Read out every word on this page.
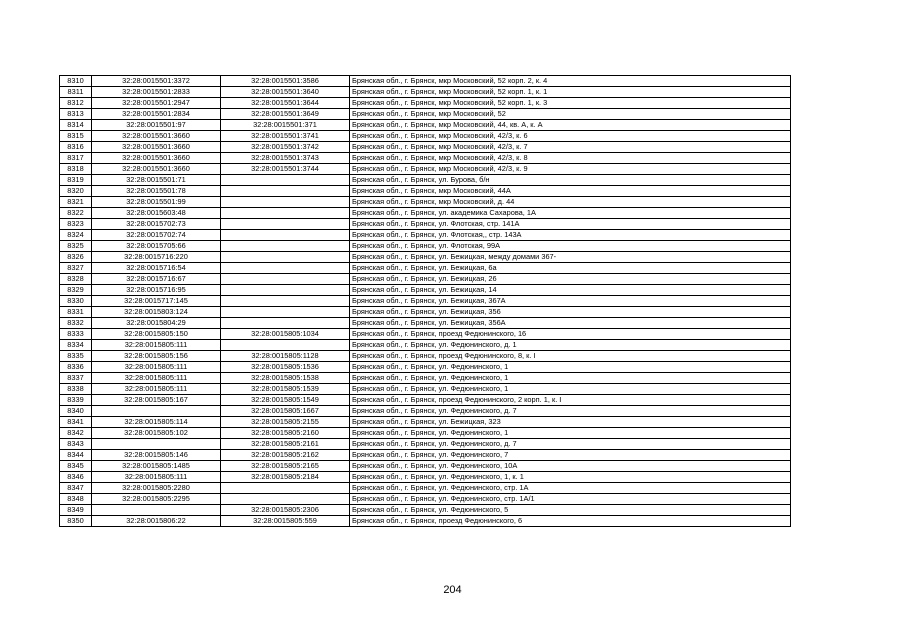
8310	32:28:0015501:3372	32:28:0015501:3586	Брянская обл., г. Брянск, мкр Московский, 52 корп. 2, к. 4
8311	32:28:0015501:2833	32:28:0015501:3640	Брянская обл., г. Брянск, мкр Московский, 52 корп. 1, к. 1
8312	32:28:0015501:2947	32:28:0015501:3644	Брянская обл., г. Брянск, мкр Московский, 52 корп. 1, к. 3
8313	32:28:0015501:2834	32:28:0015501:3649	Брянская обл., г. Брянск, мкр Московский, 52
8314	32:28:0015501:97	32:28:0015501:371	Брянская обл., г. Брянск, мкр Московский, 44, кв. А, к. А
8315	32:28:0015501:3660	32:28:0015501:3741	Брянская обл., г. Брянск, мкр Московский, 42/3, к. 6
8316	32:28:0015501:3660	32:28:0015501:3742	Брянская обл., г. Брянск, мкр Московский, 42/3, к. 7
8317	32:28:0015501:3660	32:28:0015501:3743	Брянская обл., г. Брянск, мкр Московский, 42/3, к. 8
8318	32:28:0015501:3660	32:28:0015501:3744	Брянская обл., г. Брянск, мкр Московский, 42/3, к. 9
8319	32:28:0015501:71		Брянская обл., г. Брянск, ул. Бурова, б/н
8320	32:28:0015501:78		Брянская обл., г. Брянск, мкр Московский, 44А
8321	32:28:0015501:99		Брянская обл., г. Брянск, мкр Московский, д. 44
8322	32:28:0015603:48		Брянская обл., г. Брянск, ул. академика Сахарова, 1А
8323	32:28:0015702:73		Брянская обл., г. Брянск, ул. Флотская, стр. 141А
8324	32:28:0015702:74		Брянская обл., г. Брянск, ул. Флотская,, стр. 143А
8325	32:28:0015705:66		Брянская обл., г. Брянск, ул. Флотская, 99А
8326	32:28:0015716:220		Брянская обл., г. Брянск, ул. Бежицкая, между домами 367-
8327	32:28:0015716:54		Брянская обл., г. Брянск, ул. Бежицкая, 6а
8328	32:28:0015716:67		Брянская обл., г. Брянск, ул. Бежицкая, 26
8329	32:28:0015716:95		Брянская обл., г. Брянск, ул. Бежицкая, 14
8330	32:28:0015717:145		Брянская обл., г. Брянск, ул. Бежицкая, 367А
8331	32:28:0015803:124		Брянская обл., г. Брянск, ул. Бежицкая, 356
8332	32:28:0015804:29		Брянская обл., г. Брянск, ул. Бежицкая, 356А
8333	32:28:0015805:150	32:28:0015805:1034	Брянская обл., г. Брянск, проезд Федюнинского, 16
8334	32:28:0015805:111		Брянская обл., г. Брянск, ул. Федюнинского, д. 1
8335	32:28:0015805:156	32:28:0015805:1128	Брянская обл., г. Брянск, проезд Федюнинского, 8, к. I
8336	32:28:0015805:111	32:28:0015805:1536	Брянская обл., г. Брянск, ул. Федюнинского, 1
8337	32:28:0015805:111	32:28:0015805:1538	Брянская обл., г. Брянск, ул. Федюнинского, 1
8338	32:28:0015805:111	32:28:0015805:1539	Брянская обл., г. Брянск, ул. Федюнинского, 1
8339	32:28:0015805:167	32:28:0015805:1549	Брянская обл., г. Брянск, проезд Федюнинского, 2 корп. 1, к. I
8340		32:28:0015805:1667	Брянская обл., г. Брянск, ул. Федюнинского, д. 7
8341	32:28:0015805:114	32:28:0015805:2155	Брянская обл., г. Брянск, ул. Бежицкая, 323
8342	32:28:0015805:102	32:28:0015805:2160	Брянская обл., г. Брянск, ул. Федюнинского, 1
8343		32:28:0015805:2161	Брянская обл., г. Брянск, ул. Федюнинского, д. 7
8344	32:28:0015805:146	32:28:0015805:2162	Брянская обл., г. Брянск, ул. Федюнинского, 7
8345	32:28:0015805:1485	32:28:0015805:2165	Брянская обл., г. Брянск, ул. Федюнинского, 10А
8346	32:28:0015805:111	32:28:0015805:2184	Брянская обл., г. Брянск, ул. Федюнинского, 1, к. 1
8347	32:28:0015805:2280		Брянская обл., г. Брянск, ул. Федюнинского, стр. 1А
8348	32:28:0015805:2295		Брянская обл., г. Брянск, ул. Федюнинского, стр. 1А/1
8349		32:28:0015805:2306	Брянская обл., г. Брянск, ул. Федюнинского, 5
8350	32:28:0015806:22	32:28:0015805:559	Брянская обл., г. Брянск, проезд Федюнинского, 6
204
